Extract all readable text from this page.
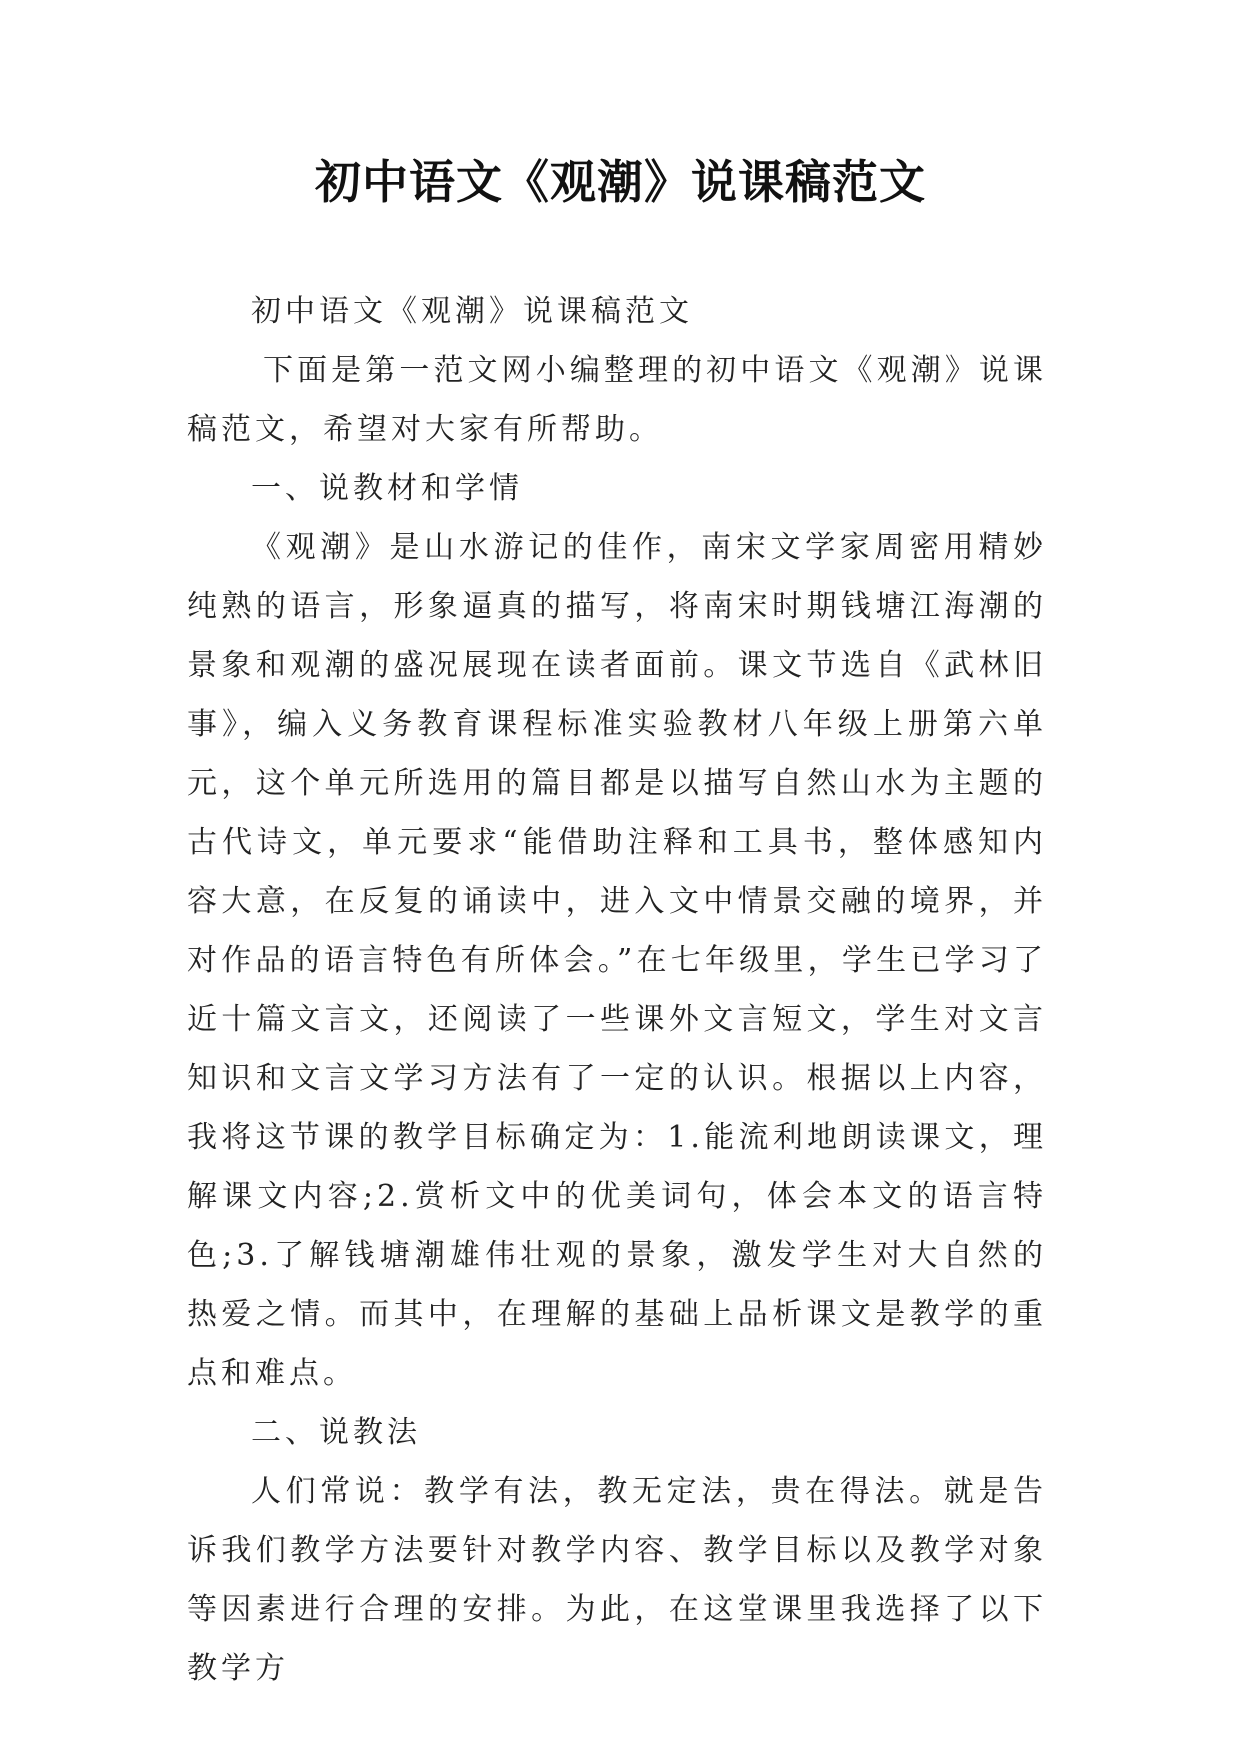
初中语文《观潮》说课稿范文

初中语文《观潮》说课稿范文

下面是第一范文网小编整理的初中语文《观潮》说课稿范文，希望对大家有所帮助。

一、说教材和学情

《观潮》是山水游记的佳作，南宋文学家周密用精妙纯熟的语言，形象逼真的描写，将南宋时期钱塘江海潮的景象和观潮的盛况展现在读者面前。课文节选自《武林旧事》，编入义务教育课程标准实验教材八年级上册第六单元，这个单元所选用的篇目都是以描写自然山水为主题的古代诗文，单元要求“能借助注释和工具书，整体感知内容大意，在反复的诵读中，进入文中情景交融的境界，并对作品的语言特色有所体会。”在七年级里，学生已学习了近十篇文言文，还阅读了一些课外文言短文，学生对文言知识和文言文学习方法有了一定的认识。根据以上内容，我将这节课的教学目标确定为：1.能流利地朗读课文，理解课文内容;2.赏析文中的优美词句，体会本文的语言特色;3.了解钱塘潮雄伟壮观的景象，激发学生对大自然的热爱之情。而其中，在理解的基础上品析课文是教学的重点和难点。

二、说教法

人们常说：教学有法，教无定法，贵在得法。就是告诉我们教学方法要针对教学内容、教学目标以及教学对象等因素进行合理的安排。为此，在这堂课里我选择了以下教学方
